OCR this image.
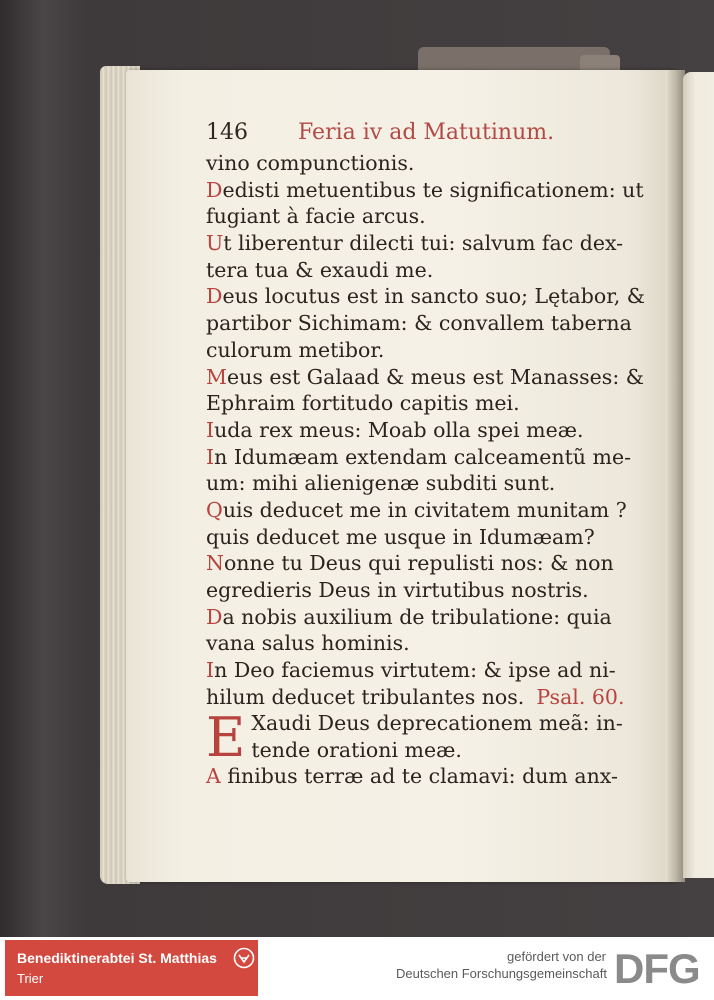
146 Feria iv ad Matutinum.
vino compunctionis.
Dedisti metuentibus te significationem: ut
fugiant à facie arcus.
Ut liberentur dilecti tui: salvum fac dex-
tera tua & exaudi me.
Deus locutus est in sancto suo; Lętabor, &
partibor Sichimam: & convallem taberna
culorum metibor.
Meus est Galaad & meus est Manasses: &
Ephraim fortitudo capitis mei.
Iuda rex meus: Moab olla spei meæ.
In Idumæam extendam calceamentũ me-
um: mihi alienigenæ subditi sunt.
Quis deducet me in civitatem munitam ?
quis deducet me usque in Idumæam?
Nonne tu Deus qui repulisti nos: & non
egredieris Deus in virtutibus nostris.
Da nobis auxilium de tribulatione: quia
vana salus hominis.
In Deo faciemus virtutem: & ipse ad ni-
hilum deducet tribulantes nos. Psal. 60.
E Xaudi Deus deprecationem meã: in-
tende orationi meæ.
A finibus terræ ad te clamavi: dum anx-
Benediktinerabtei St. Matthias
Trier
gefördert von der
Deutschen Forschungsgemeinschaft DFG
